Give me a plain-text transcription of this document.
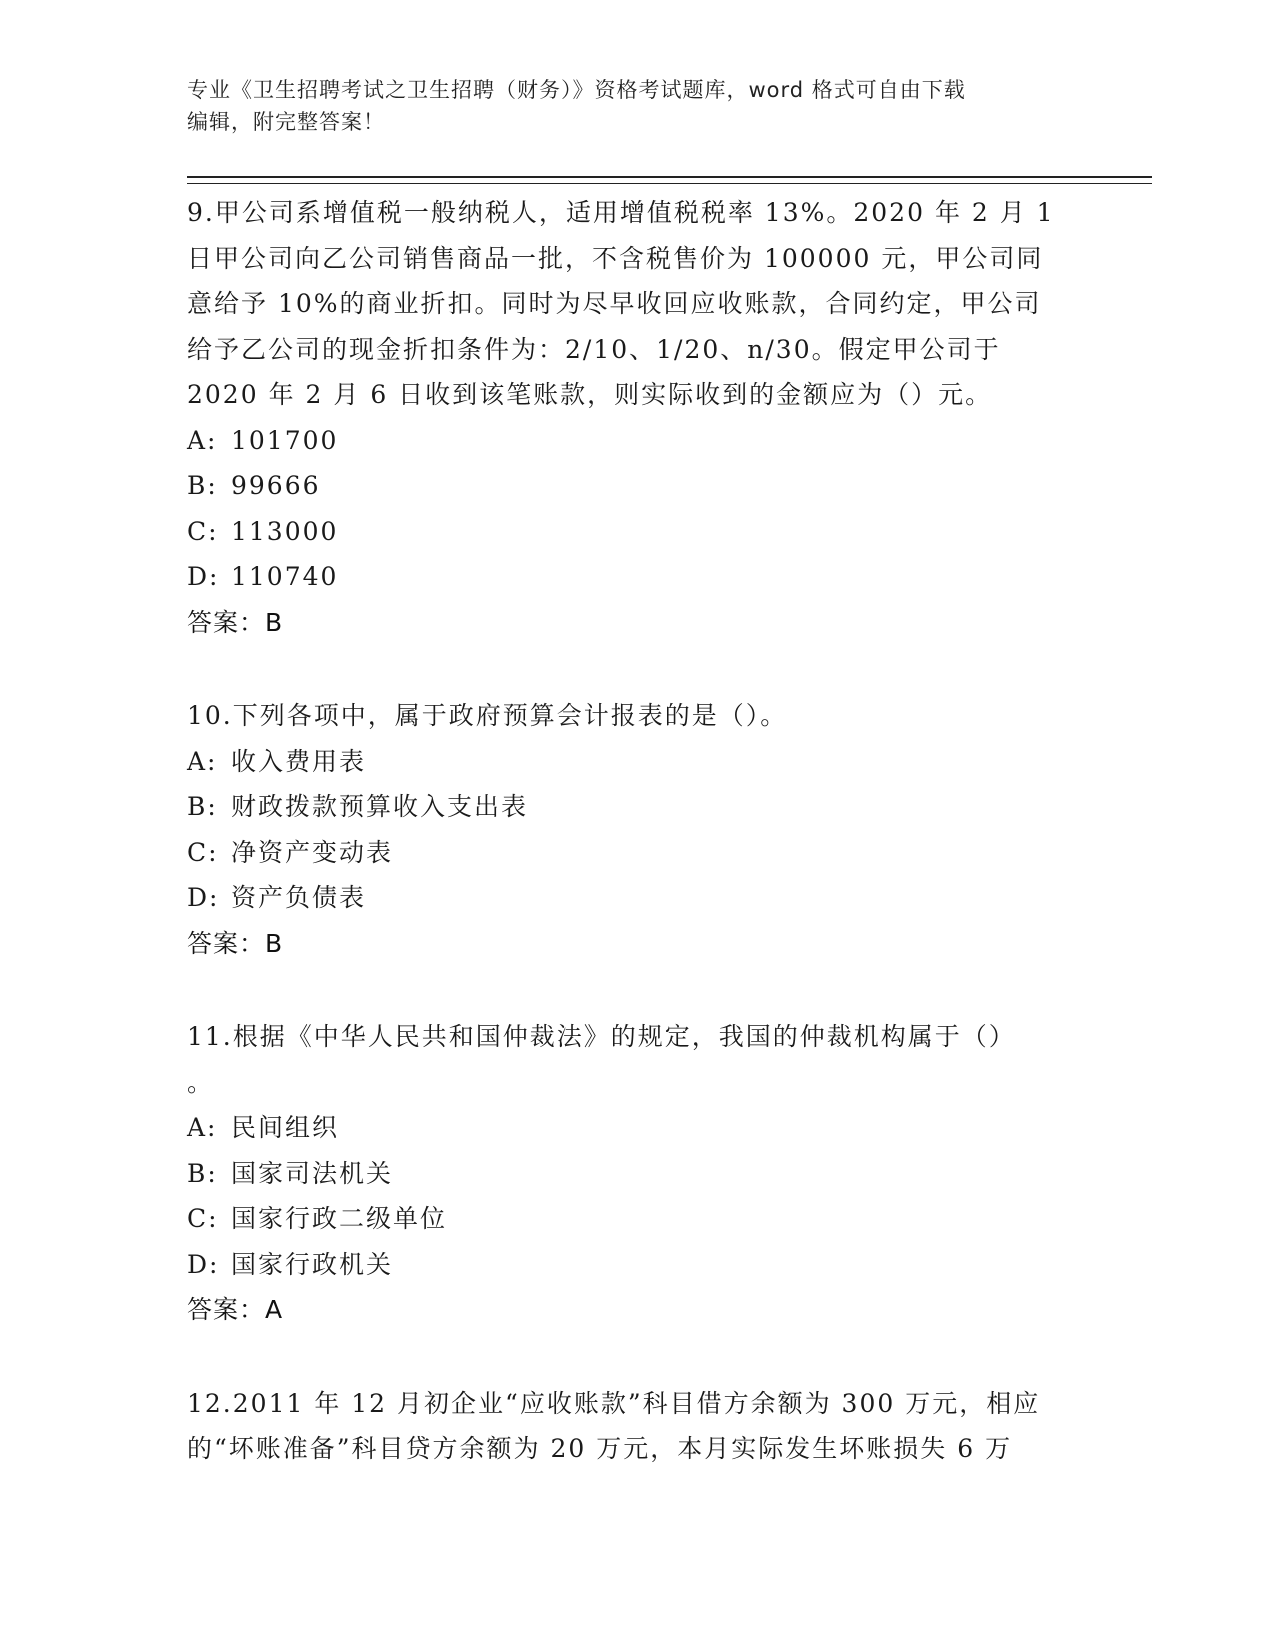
专业《卫生招聘考试之卫生招聘（财务）》资格考试题库，word 格式可自由下载
编辑，附完整答案！

9.甲公司系增值税一般纳税人，适用增值税税率 13%。2020 年 2 月 1

日甲公司向乙公司销售商品一批，不含税售价为 100000 元，甲公司同

意给予 10%的商业折扣。同时为尽早收回应收账款，合同约定，甲公司

给予乙公司的现金折扣条件为：2/10、1/20、n/30。假定甲公司于

2020 年 2 月 6 日收到该笔账款，则实际收到的金额应为（）元。

A: 101700
B: 99666
C: 113000
D: 110740

答案：B

10.下列各项中，属于政府预算会计报表的是（）。

A: 收入费用表
B: 财政拨款预算收入支出表
C: 净资产变动表
D: 资产负债表

答案：B

11.根据《中华人民共和国仲裁法》的规定，我国的仲裁机构属于（）

。

A: 民间组织
B: 国家司法机关
C: 国家行政二级单位
D: 国家行政机关

答案：A

12.2011 年 12 月初企业“应收账款”科目借方余额为 300 万元，相应

的“坏账准备”科目贷方余额为 20 万元，本月实际发生坏账损失 6 万
